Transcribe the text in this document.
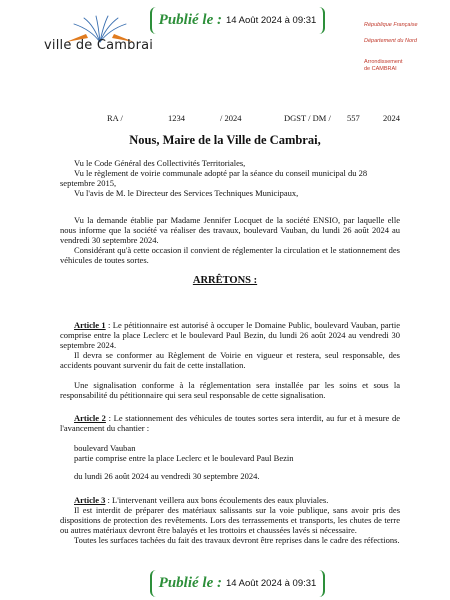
Publié le : 14 Août 2024 à 09:31
ville de Cambrai
République Française
Département du Nord
Arrondissement
de CAMBRAI
RA /	1234	/ 2024	DGST / DM / 557	2024
Nous, Maire de la Ville de Cambrai,

Vu le Code Général des Collectivités Territoriales,

Vu le règlement de voirie communale adopté par la séance du conseil municipal du 28 septembre 2015,

Vu l'avis de M. le Directeur des Services Techniques Municipaux,

Vu la demande établie par Madame Jennifer Locquet de la société ENSIO, par laquelle elle nous informe que la société va réaliser des travaux, boulevard Vauban, du lundi 26 août 2024 au vendredi 30 septembre 2024.

Considérant qu'à cette occasion il convient de réglementer la circulation et le stationnement des véhicules de toutes sortes.

ARRÊTONS :

Article 1 : Le pétitionnaire est autorisé à occuper le Domaine Public, boulevard Vauban, partie comprise entre la place Leclerc et le boulevard Paul Bezin, du lundi 26 août 2024 au vendredi 30 septembre 2024.

Il devra se conformer au Règlement de Voirie en vigueur et restera, seul responsable, des accidents pouvant survenir du fait de cette installation.

Une signalisation conforme à la réglementation sera installée par les soins et sous la responsabilité du pétitionnaire qui sera seul responsable de cette signalisation.

Article 2 : Le stationnement des véhicules de toutes sortes sera interdit, au fur et à mesure de l'avancement du chantier :

boulevard Vauban

partie comprise entre la place Leclerc et le boulevard Paul Bezin

du lundi 26 août 2024 au vendredi 30 septembre 2024.

Article 3 : L'intervenant veillera aux bons écoulements des eaux pluviales.

Il est interdit de préparer des matériaux salissants sur la voie publique, sans avoir pris des dispositions de protection des revêtements. Lors des terrassements et transports, les chutes de terre ou autres matériaux devront être balayés et les trottoirs et chaussées lavés si nécessaire.

Toutes les surfaces tachées du fait des travaux devront être reprises dans le cadre des réfections.

Publié le : 14 Août 2024 à 09:31
